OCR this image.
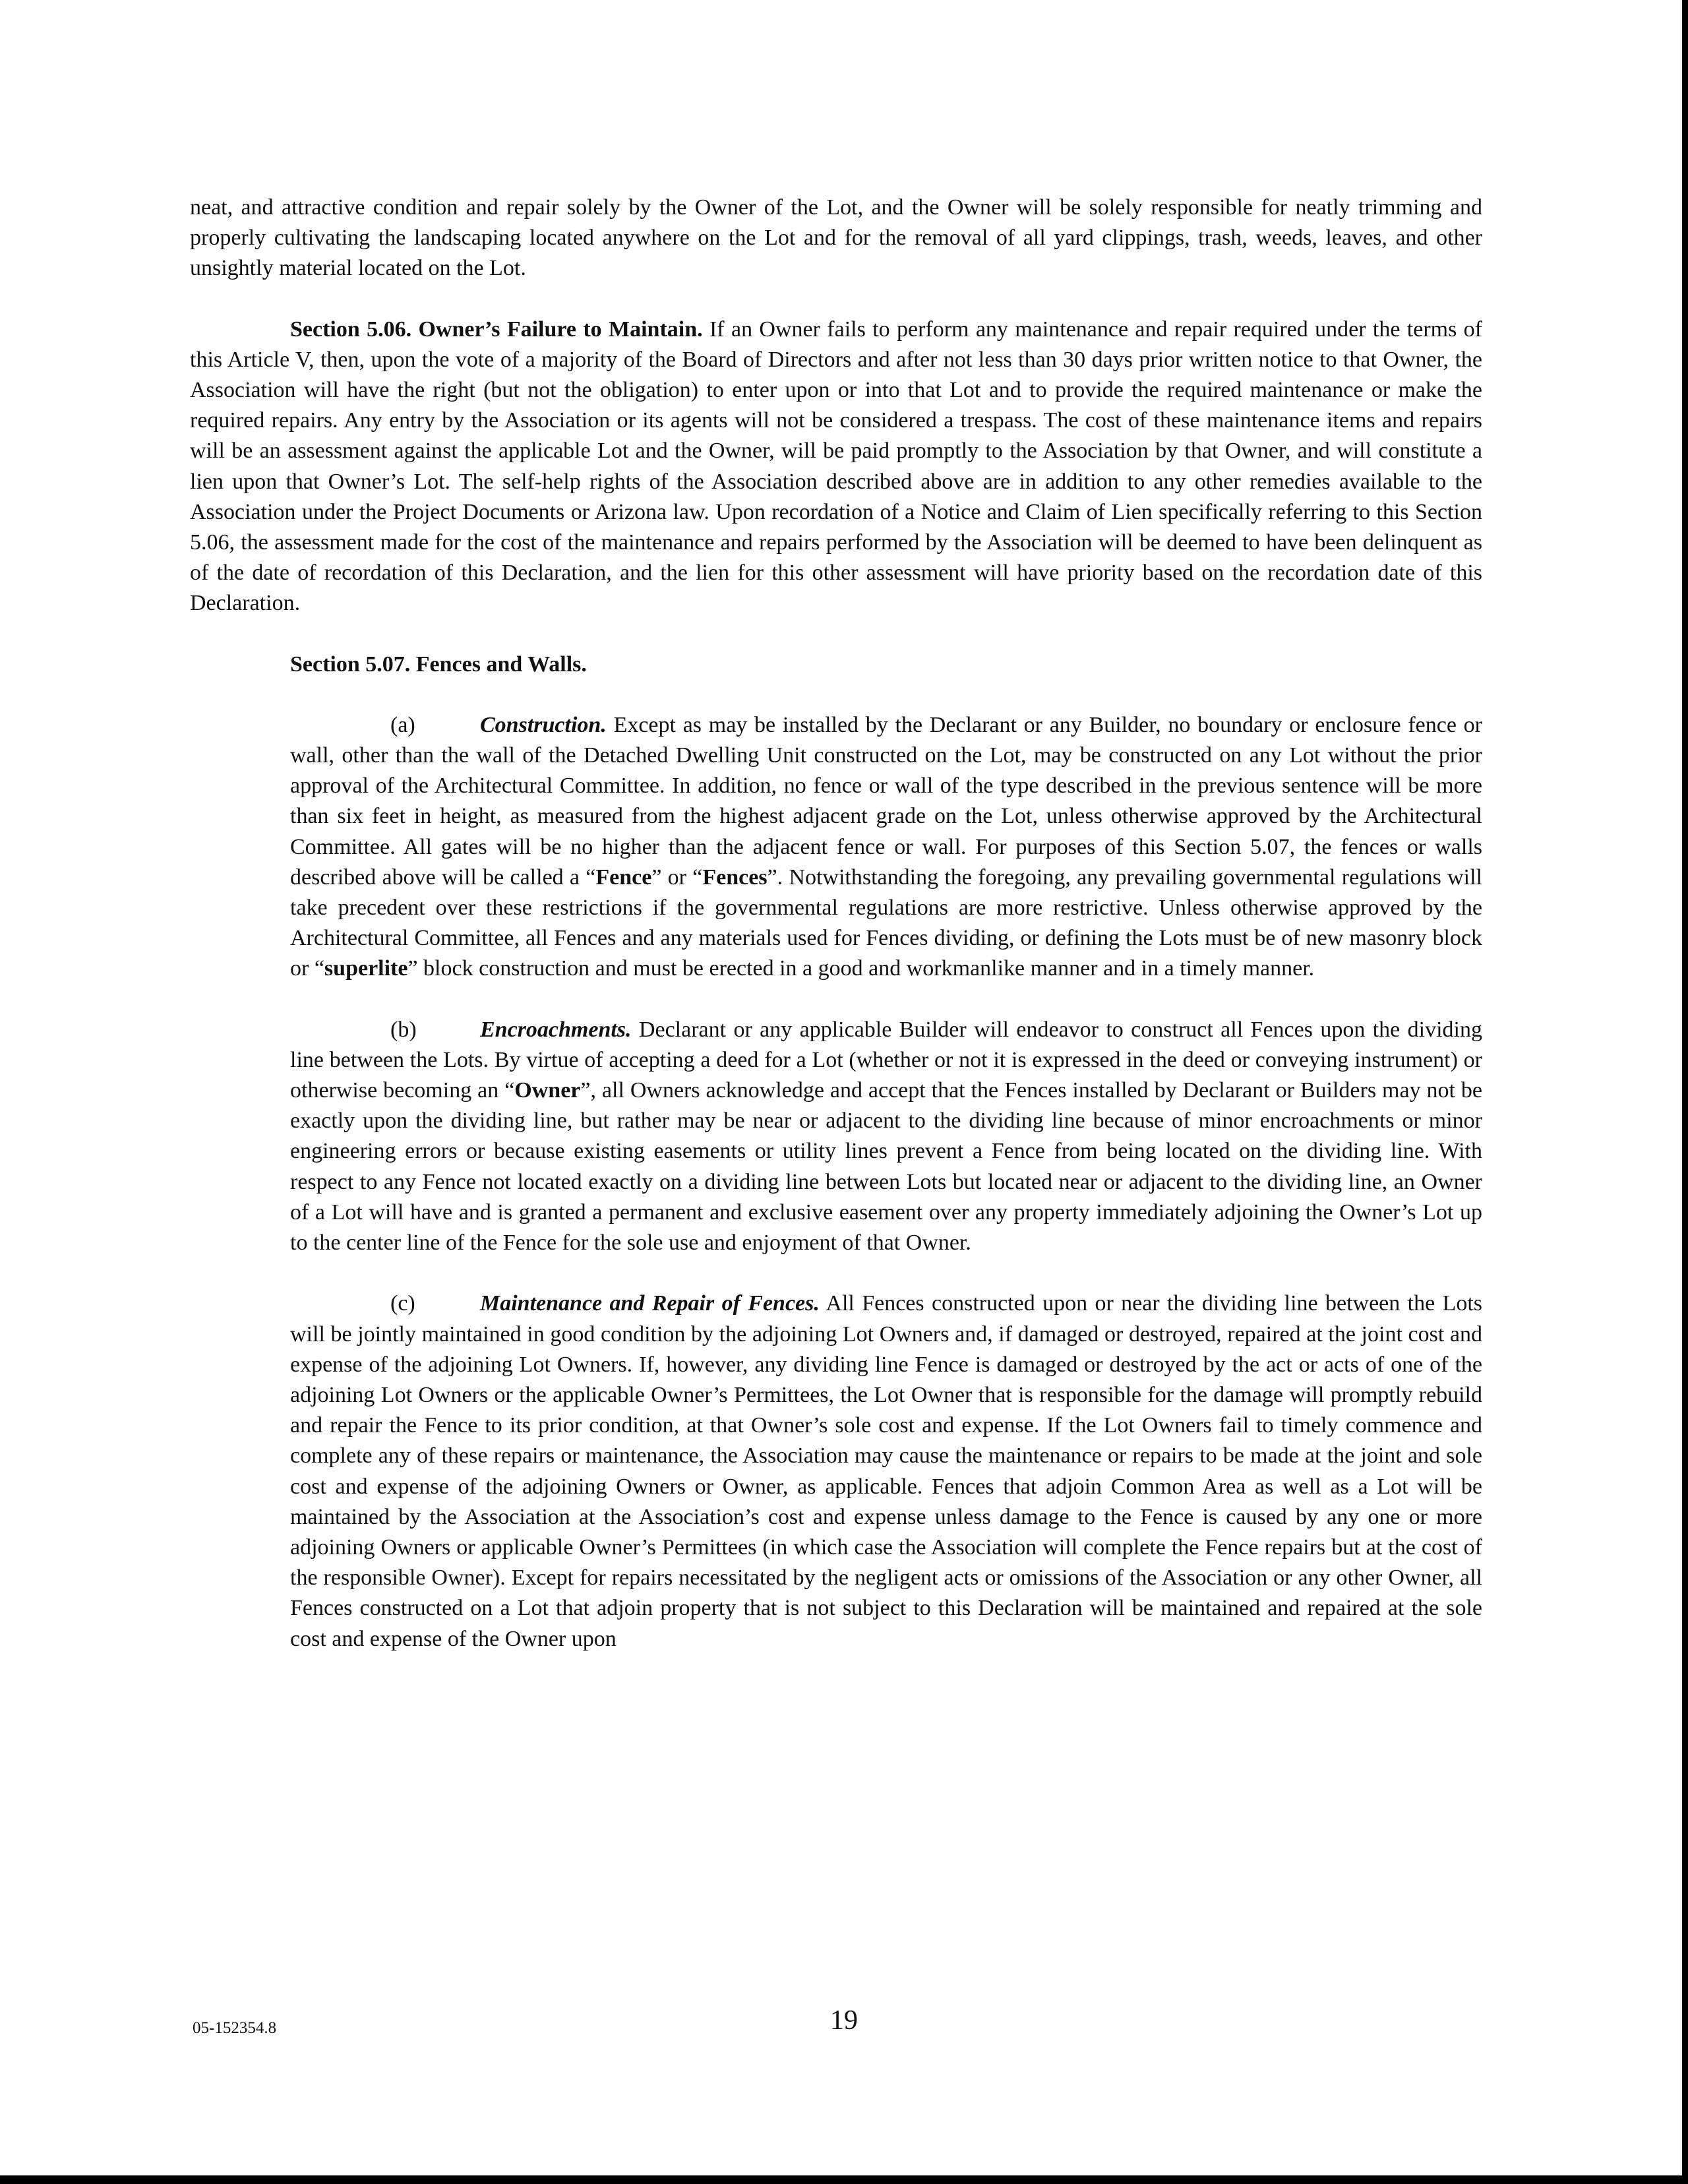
neat, and attractive condition and repair solely by the Owner of the Lot, and the Owner will be solely responsible for neatly trimming and properly cultivating the landscaping located anywhere on the Lot and for the removal of all yard clippings, trash, weeds, leaves, and other unsightly material located on the Lot.

Section 5.06. Owner’s Failure to Maintain. If an Owner fails to perform any maintenance and repair required under the terms of this Article V, then, upon the vote of a majority of the Board of Directors and after not less than 30 days prior written notice to that Owner, the Association will have the right (but not the obligation) to enter upon or into that Lot and to provide the required maintenance or make the required repairs. Any entry by the Association or its agents will not be considered a trespass. The cost of these maintenance items and repairs will be an assessment against the applicable Lot and the Owner, will be paid promptly to the Association by that Owner, and will constitute a lien upon that Owner’s Lot. The self-help rights of the Association described above are in addition to any other remedies available to the Association under the Project Documents or Arizona law. Upon recordation of a Notice and Claim of Lien specifically referring to this Section 5.06, the assessment made for the cost of the maintenance and repairs performed by the Association will be deemed to have been delinquent as of the date of recordation of this Declaration, and the lien for this other assessment will have priority based on the recordation date of this Declaration.

Section 5.07. Fences and Walls.

(a)	Construction. Except as may be installed by the Declarant or any Builder, no boundary or enclosure fence or wall, other than the wall of the Detached Dwelling Unit constructed on the Lot, may be constructed on any Lot without the prior approval of the Architectural Committee. In addition, no fence or wall of the type described in the previous sentence will be more than six feet in height, as measured from the highest adjacent grade on the Lot, unless otherwise approved by the Architectural Committee. All gates will be no higher than the adjacent fence or wall. For purposes of this Section 5.07, the fences or walls described above will be called a “Fence” or “Fences”. Notwithstanding the foregoing, any prevailing governmental regulations will take precedent over these restrictions if the governmental regulations are more restrictive. Unless otherwise approved by the Architectural Committee, all Fences and any materials used for Fences dividing, or defining the Lots must be of new masonry block or “superlite” block construction and must be erected in a good and workmanlike manner and in a timely manner.

(b)	Encroachments. Declarant or any applicable Builder will endeavor to construct all Fences upon the dividing line between the Lots. By virtue of accepting a deed for a Lot (whether or not it is expressed in the deed or conveying instrument) or otherwise becoming an “Owner”, all Owners acknowledge and accept that the Fences installed by Declarant or Builders may not be exactly upon the dividing line, but rather may be near or adjacent to the dividing line because of minor encroachments or minor engineering errors or because existing easements or utility lines prevent a Fence from being located on the dividing line. With respect to any Fence not located exactly on a dividing line between Lots but located near or adjacent to the dividing line, an Owner of a Lot will have and is granted a permanent and exclusive easement over any property immediately adjoining the Owner’s Lot up to the center line of the Fence for the sole use and enjoyment of that Owner.

(c)	Maintenance and Repair of Fences. All Fences constructed upon or near the dividing line between the Lots will be jointly maintained in good condition by the adjoining Lot Owners and, if damaged or destroyed, repaired at the joint cost and expense of the adjoining Lot Owners. If, however, any dividing line Fence is damaged or destroyed by the act or acts of one of the adjoining Lot Owners or the applicable Owner’s Permittees, the Lot Owner that is responsible for the damage will promptly rebuild and repair the Fence to its prior condition, at that Owner’s sole cost and expense. If the Lot Owners fail to timely commence and complete any of these repairs or maintenance, the Association may cause the maintenance or repairs to be made at the joint and sole cost and expense of the adjoining Owners or Owner, as applicable. Fences that adjoin Common Area as well as a Lot will be maintained by the Association at the Association’s cost and expense unless damage to the Fence is caused by any one or more adjoining Owners or applicable Owner’s Permittees (in which case the Association will complete the Fence repairs but at the cost of the responsible Owner). Except for repairs necessitated by the negligent acts or omissions of the Association or any other Owner, all Fences constructed on a Lot that adjoin property that is not subject to this Declaration will be maintained and repaired at the sole cost and expense of the Owner upon

05-152354.8	19
